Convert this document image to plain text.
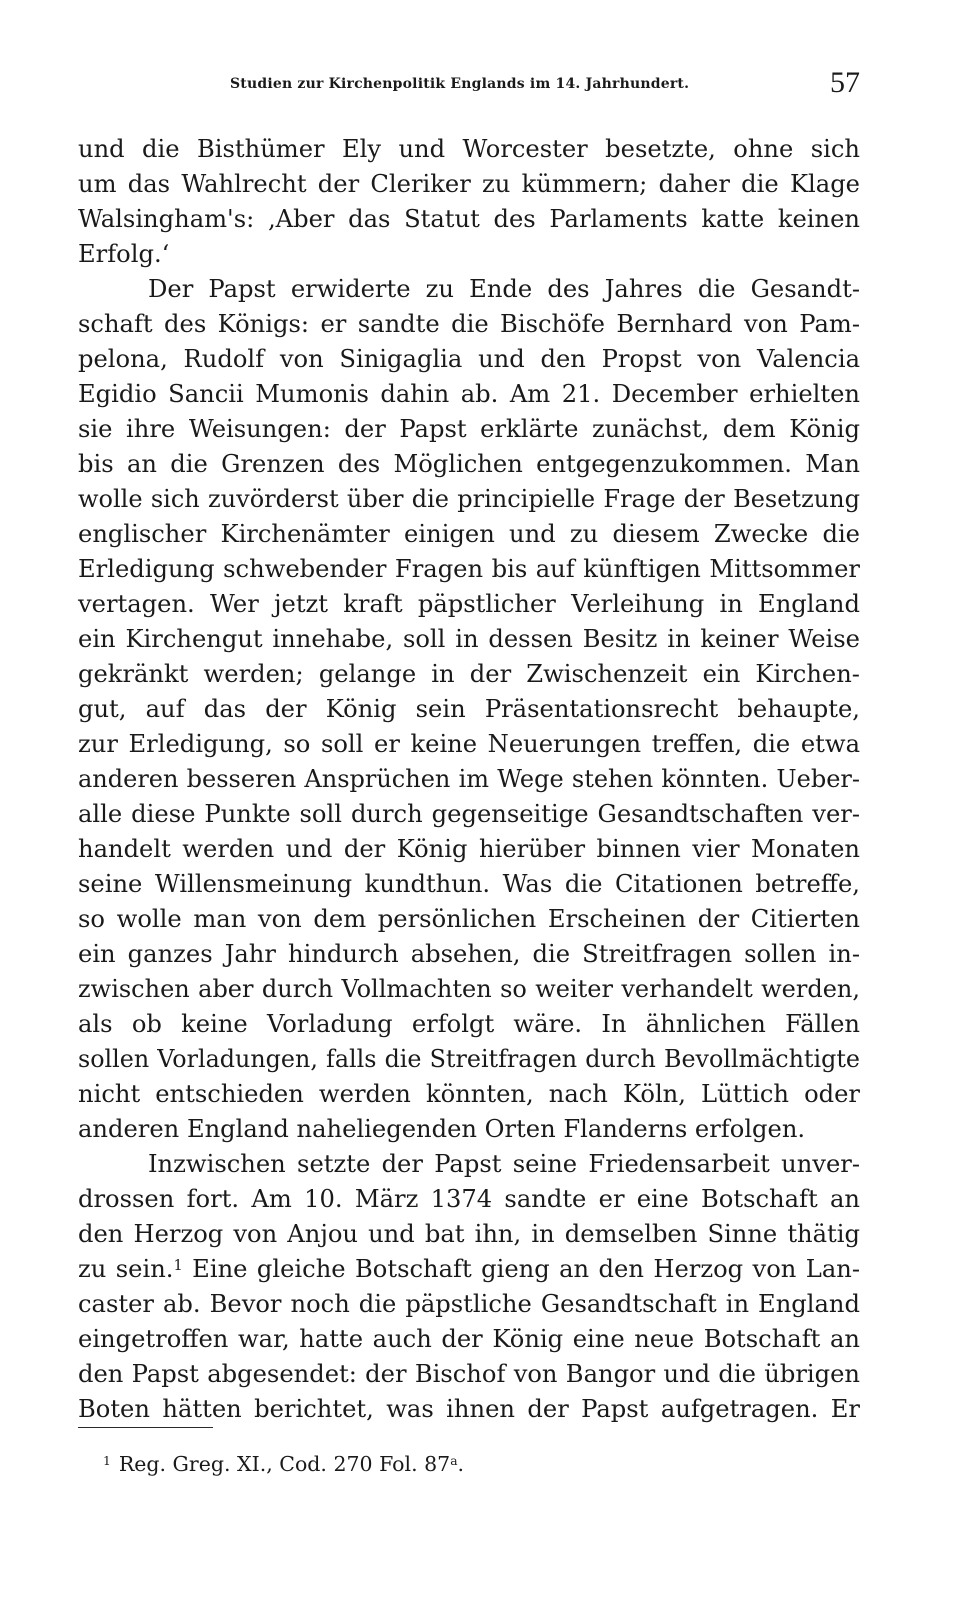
Studien zur Kirchenpolitik Englands im 14. Jahrhundert.	57
und die Bisthümer Ely und Worcester besetzte, ohne sich
um das Wahlrecht der Cleriker zu kümmern; daher die Klage
Walsingham's: ‚Aber das Statut des Parlaments katte keinen
Erfolg.‘
Der Papst erwiderte zu Ende des Jahres die Gesandt-
schaft des Königs: er sandte die Bischöfe Bernhard von Pam-
pelona, Rudolf von Sinigaglia und den Propst von Valencia
Egidio Sancii Mumonis dahin ab. Am 21. December erhielten
sie ihre Weisungen: der Papst erklärte zunächst, dem König
bis an die Grenzen des Möglichen entgegenzukommen. Man
wolle sich zuvörderst über die principielle Frage der Besetzung
englischer Kirchenämter einigen und zu diesem Zwecke die
Erledigung schwebender Fragen bis auf künftigen Mittsommer
vertagen. Wer jetzt kraft päpstlicher Verleihung in England
ein Kirchengut innehabe, soll in dessen Besitz in keiner Weise
gekränkt werden; gelange in der Zwischenzeit ein Kirchen-
gut, auf das der König sein Präsentationsrecht behaupte,
zur Erledigung, so soll er keine Neuerungen treffen, die etwa
anderen besseren Ansprüchen im Wege stehen könnten. Ueber-
alle diese Punkte soll durch gegenseitige Gesandtschaften ver-
handelt werden und der König hierüber binnen vier Monaten
seine Willensmeinung kundthun. Was die Citationen betreffe,
so wolle man von dem persönlichen Erscheinen der Citierten
ein ganzes Jahr hindurch absehen, die Streitfragen sollen in-
zwischen aber durch Vollmachten so weiter verhandelt werden,
als ob keine Vorladung erfolgt wäre. In ähnlichen Fällen
sollen Vorladungen, falls die Streitfragen durch Bevollmächtigte
nicht entschieden werden könnten, nach Köln, Lüttich oder
anderen England naheliegenden Orten Flanderns erfolgen.
Inzwischen setzte der Papst seine Friedensarbeit unver-
drossen fort. Am 10. März 1374 sandte er eine Botschaft an
den Herzog von Anjou und bat ihn, in demselben Sinne thätig
zu sein.$^1$ Eine gleiche Botschaft gieng an den Herzog von Lan-
caster ab. Bevor noch die päpstliche Gesandtschaft in England
eingetroffen war, hatte auch der König eine neue Botschaft an
den Papst abgesendet: der Bischof von Bangor und die übrigen
Boten hätten berichtet, was ihnen der Papst aufgetragen. Er
$^1$ Reg. Greg. XI., Cod. 270 Fol. 87$^a$.
